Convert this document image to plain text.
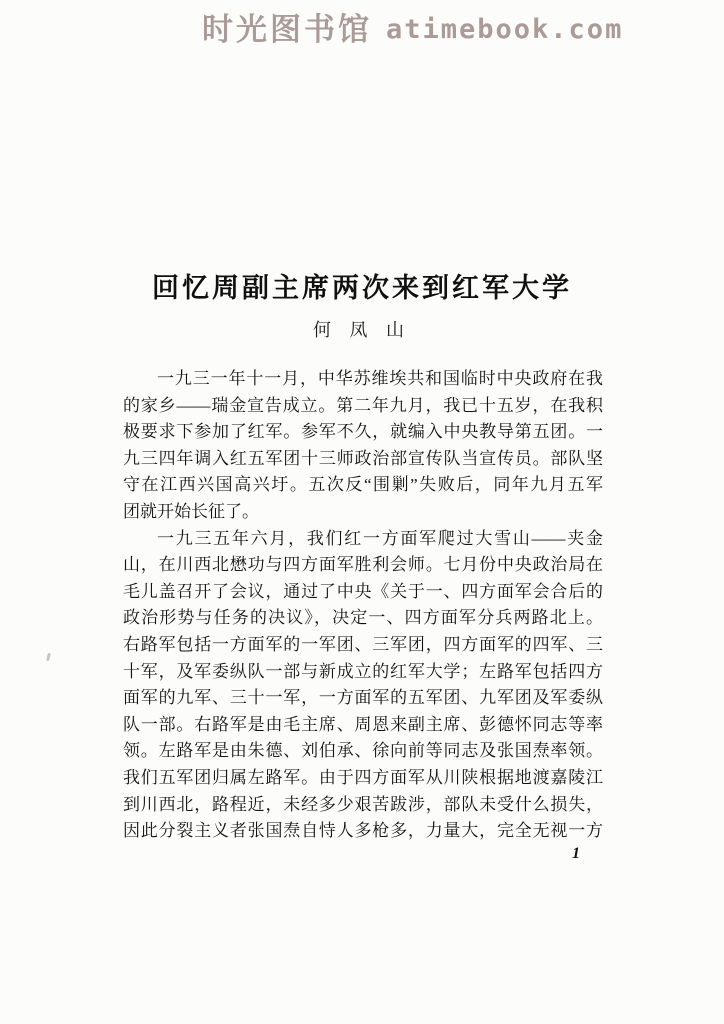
时光图书馆 atimebook.com
回忆周副主席两次来到红军大学
何 凤 山
一九三一年十一月，中华苏维埃共和国临时中央政府在我
的家乡——瑞金宣告成立。第二年九月，我已十五岁，在我积
极要求下参加了红军。参军不久，就编入中央教导第五团。一
九三四年调入红五军团十三师政治部宣传队当宣传员。部队坚
守在江西兴国高兴圩。五次反“围剿”失败后，同年九月五军
团就开始长征了。
一九三五年六月，我们红一方面军爬过大雪山——夹金
山，在川西北懋功与四方面军胜利会师。七月份中央政治局在
毛儿盖召开了会议，通过了中央《关于一、四方面军会合后的
政治形势与任务的决议》，决定一、四方面军分兵两路北上。
右路军包括一方面军的一军团、三军团，四方面军的四军、三
十军，及军委纵队一部与新成立的红军大学；左路军包括四方
面军的九军、三十一军，一方面军的五军团、九军团及军委纵
队一部。右路军是由毛主席、周恩来副主席、彭德怀同志等率
领。左路军是由朱德、刘伯承、徐向前等同志及张国焘率领。
我们五军团归属左路军。由于四方面军从川陕根据地渡嘉陵江
到川西北，路程近，未经多少艰苦跋涉，部队未受什么损失，
因此分裂主义者张国焘自恃人多枪多，力量大，完全无视一方
1
